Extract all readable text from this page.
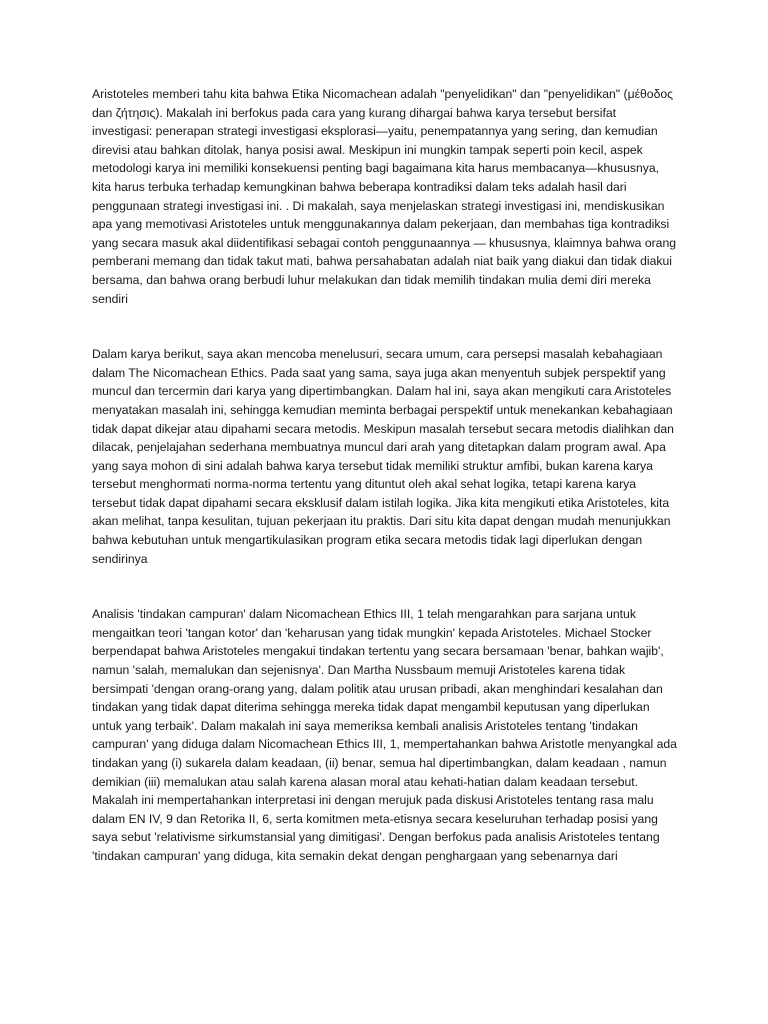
Aristoteles memberi tahu kita bahwa Etika Nicomachean adalah "penyelidikan" dan "penyelidikan" (μέθοδος dan ζήτησις). Makalah ini berfokus pada cara yang kurang dihargai bahwa karya tersebut bersifat investigasi: penerapan strategi investigasi eksplorasi—yaitu, penempatannya yang sering, dan kemudian direvisi atau bahkan ditolak, hanya posisi awal. Meskipun ini mungkin tampak seperti poin kecil, aspek metodologi karya ini memiliki konsekuensi penting bagi bagaimana kita harus membacanya—khususnya, kita harus terbuka terhadap kemungkinan bahwa beberapa kontradiksi dalam teks adalah hasil dari penggunaan strategi investigasi ini. . Di makalah, saya menjelaskan strategi investigasi ini, mendiskusikan apa yang memotivasi Aristoteles untuk menggunakannya dalam pekerjaan, dan membahas tiga kontradiksi yang secara masuk akal diidentifikasi sebagai contoh penggunaannya — khususnya, klaimnya bahwa orang pemberani memang dan tidak takut mati, bahwa persahabatan adalah niat baik yang diakui dan tidak diakui bersama, dan bahwa orang berbudi luhur melakukan dan tidak memilih tindakan mulia demi diri mereka sendiri

Dalam karya berikut, saya akan mencoba menelusuri, secara umum, cara persepsi masalah kebahagiaan dalam The Nicomachean Ethics. Pada saat yang sama, saya juga akan menyentuh subjek perspektif yang muncul dan tercermin dari karya yang dipertimbangkan. Dalam hal ini, saya akan mengikuti cara Aristoteles menyatakan masalah ini, sehingga kemudian meminta berbagai perspektif untuk menekankan kebahagiaan tidak dapat dikejar atau dipahami secara metodis. Meskipun masalah tersebut secara metodis dialihkan dan dilacak, penjelajahan sederhana membuatnya muncul dari arah yang ditetapkan dalam program awal. Apa yang saya mohon di sini adalah bahwa karya tersebut tidak memiliki struktur amfibi, bukan karena karya tersebut menghormati norma-norma tertentu yang dituntut oleh akal sehat logika, tetapi karena karya tersebut tidak dapat dipahami secara eksklusif dalam istilah logika. Jika kita mengikuti etika Aristoteles, kita akan melihat, tanpa kesulitan, tujuan pekerjaan itu praktis. Dari situ kita dapat dengan mudah menunjukkan bahwa kebutuhan untuk mengartikulasikan program etika secara metodis tidak lagi diperlukan dengan sendirinya

Analisis 'tindakan campuran' dalam Nicomachean Ethics III, 1 telah mengarahkan para sarjana untuk mengaitkan teori 'tangan kotor' dan 'keharusan yang tidak mungkin' kepada Aristoteles. Michael Stocker berpendapat bahwa Aristoteles mengakui tindakan tertentu yang secara bersamaan 'benar, bahkan wajib', namun 'salah, memalukan dan sejenisnya'. Dan Martha Nussbaum memuji Aristoteles karena tidak bersimpati 'dengan orang-orang yang, dalam politik atau urusan pribadi, akan menghindari kesalahan dan tindakan yang tidak dapat diterima sehingga mereka tidak dapat mengambil keputusan yang diperlukan untuk yang terbaik'. Dalam makalah ini saya memeriksa kembali analisis Aristoteles tentang 'tindakan campuran' yang diduga dalam Nicomachean Ethics III, 1, mempertahankan bahwa Aristotle menyangkal ada tindakan yang (i) sukarela dalam keadaan, (ii) benar, semua hal dipertimbangkan, dalam keadaan , namun demikian (iii) memalukan atau salah karena alasan moral atau kehati-hatian dalam keadaan tersebut. Makalah ini mempertahankan interpretasi ini dengan merujuk pada diskusi Aristoteles tentang rasa malu dalam EN IV, 9 dan Retorika II, 6, serta komitmen meta-etisnya secara keseluruhan terhadap posisi yang saya sebut 'relativisme sirkumstansial yang dimitigasi'. Dengan berfokus pada analisis Aristoteles tentang 'tindakan campuran' yang diduga, kita semakin dekat dengan penghargaan yang sebenarnya dari
